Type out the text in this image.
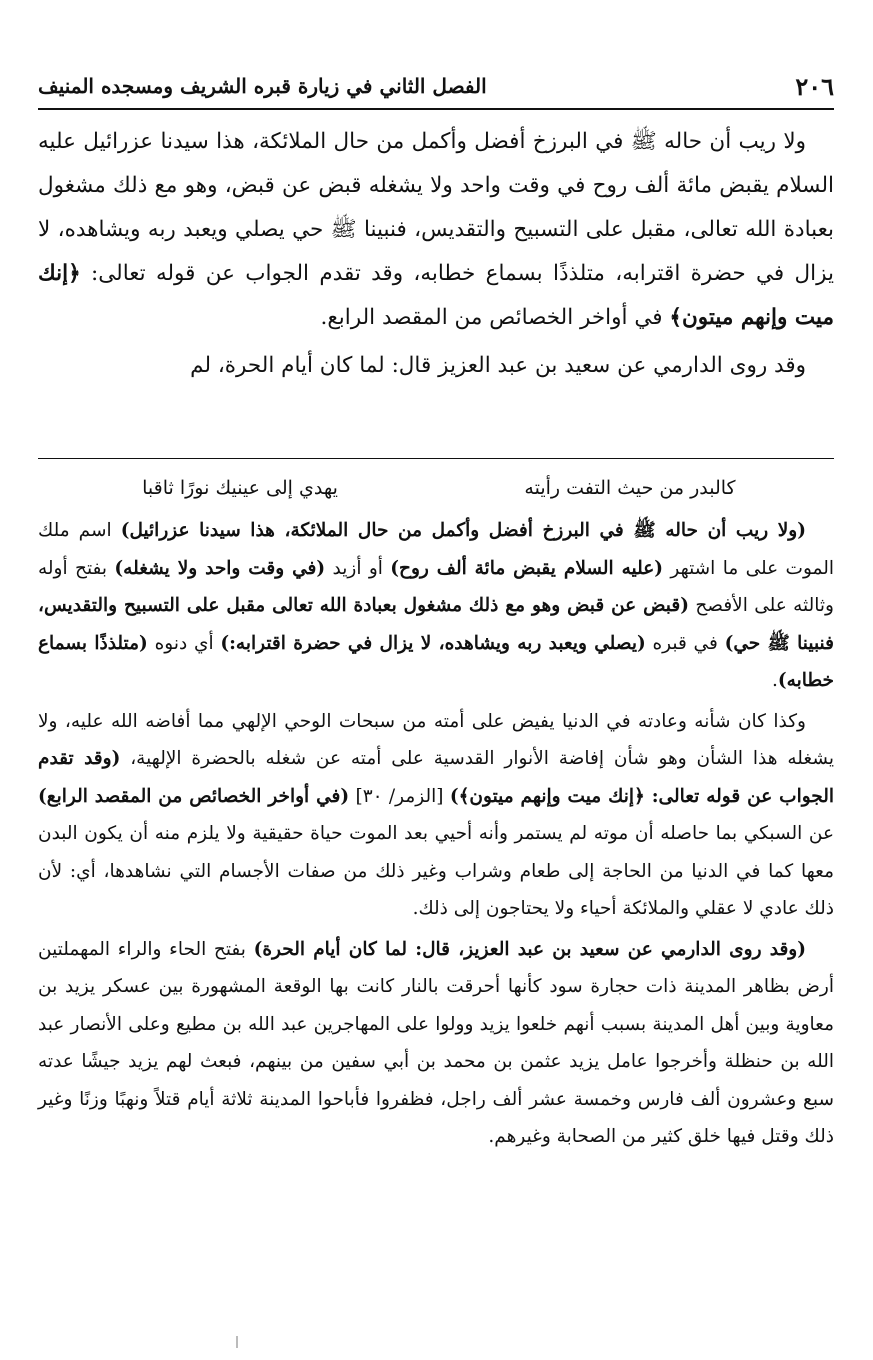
٢٠٦
الفصل الثاني في زيارة قبره الشريف ومسجده المنيف

ولا ريب أن حاله ﷺ في البرزخ أفضل وأكمل من حال الملائكة، هذا سيدنا عزرائيل عليه السلام يقبض مائة ألف روح في وقت واحد ولا يشغله قبض عن قبض، وهو مع ذلك مشغول بعبادة الله تعالى، مقبل على التسبيح والتقديس، فنبينا ﷺ حي يصلي ويعبد ربه ويشاهده، لا يزال في حضرة اقترابه، متلذذًا بسماع خطابه، وقد تقدم الجواب عن قوله تعالى: ﴿إنك ميت وإنهم ميتون﴾ في أواخر الخصائص من المقصد الرابع.

وقد روى الدارمي عن سعيد بن عبد العزيز قال: لما كان أيام الحرة، لم

كالبدر من حيث التفت رأيته
يهدي إلى عينيك نورًا ثاقبا

(ولا ريب أن حاله ﷺ في البرزخ أفضل وأكمل من حال الملائكة، هذا سيدنا عزرائيل) اسم ملك الموت على ما اشتهر (عليه السلام يقبض مائة ألف روح) أو أزيد (في وقت واحد ولا يشغله) بفتح أوله وثالثه على الأفصح (قبض عن قبض وهو مع ذلك مشغول بعبادة الله تعالى مقبل على التسبيح والتقديس، فنبينا ﷺ حي) في قبره (يصلي ويعبد ربه ويشاهده، لا يزال في حضرة اقترابه:) أي دنوه (متلذذًا بسماع خطابه).

وكذا كان شأنه وعادته في الدنيا يفيض على أمته من سبحات الوحي الإلهي مما أفاضه الله عليه، ولا يشغله هذا الشأن وهو شأن إفاضة الأنوار القدسية على أمته عن شغله بالحضرة الإلهية، (وقد تقدم الجواب عن قوله تعالى: ﴿إنك ميت وإنهم ميتون﴾) [الزمر/ ٣٠] (في أواخر الخصائص من المقصد الرابع) عن السبكي بما حاصله أن موته لم يستمر وأنه أحيي بعد الموت حياة حقيقية ولا يلزم منه أن يكون البدن معها كما في الدنيا من الحاجة إلى طعام وشراب وغير ذلك من صفات الأجسام التي نشاهدها، أي: لأن ذلك عادي لا عقلي والملائكة أحياء ولا يحتاجون إلى ذلك.

(وقد روى الدارمي عن سعيد بن عبد العزيز، قال: لما كان أيام الحرة) بفتح الحاء والراء المهملتين أرض بظاهر المدينة ذات حجارة سود كأنها أحرقت بالنار كانت بها الوقعة المشهورة بين عسكر يزيد بن معاوية وبين أهل المدينة بسبب أنهم خلعوا يزيد وولوا على المهاجرين عبد الله بن مطيع وعلى الأنصار عبد الله بن حنظلة وأخرجوا عامل يزيد عثمن بن محمد بن أبي سفين من بينهم، فبعث لهم يزيد جيشًا عدته سبع وعشرون ألف فارس وخمسة عشر ألف راجل، فظفروا فأباحوا المدينة ثلاثة أيام قتلاً ونهبًا وزنًا وغير ذلك وقتل فيها خلق كثير من الصحابة وغيرهم.
